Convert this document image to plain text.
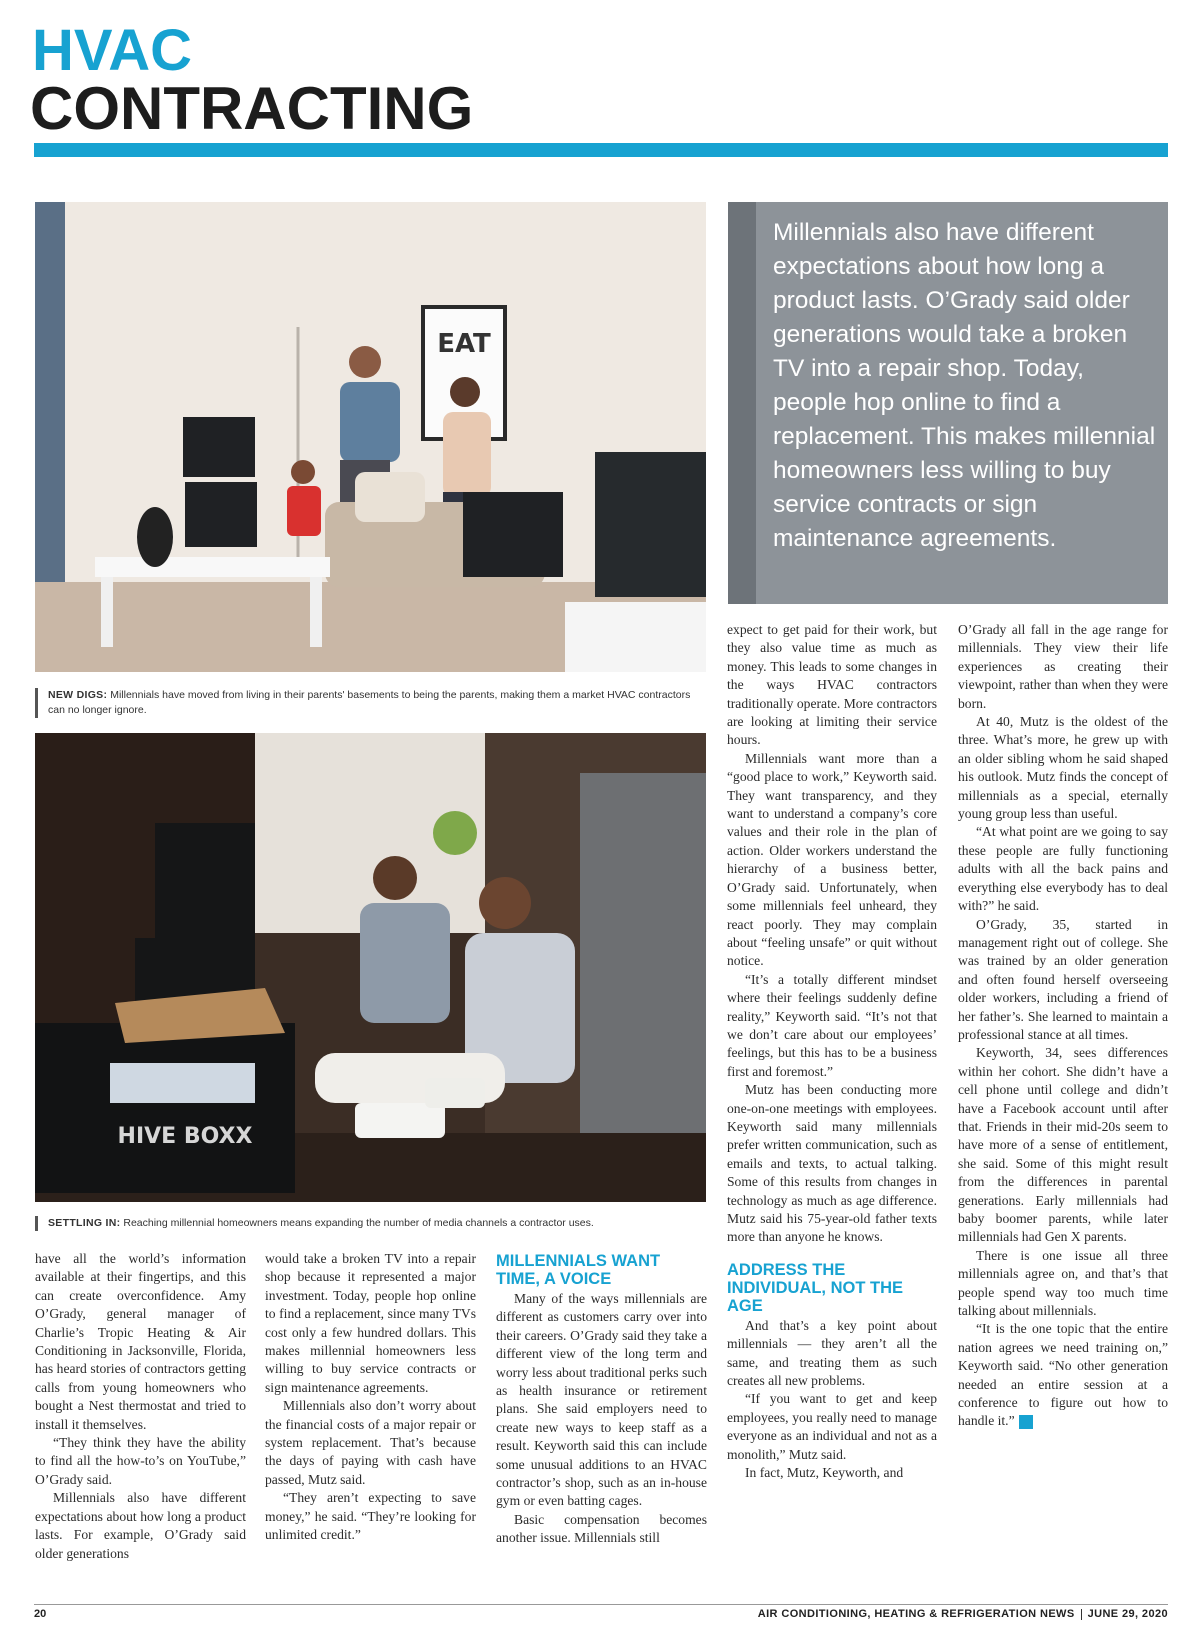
HVAC
CONTRACTING
EAT
NEW DIGS: Millennials have moved from living in their parents' basements to being the parents, making them a market HVAC contractors can no longer ignore.
HIVE BOXX
SETTLING IN: Reaching millennial homeowners means expanding the number of media channels a contractor uses.
Millennials also have different expectations about how long a product lasts. O’Grady said older generations would take a broken TV into a repair shop. Today, people hop online to find a replacement. This makes millennial homeowners less willing to buy service contracts or sign maintenance agreements.

have all the world’s information available at their fingertips, and this can create overconfidence. Amy O’Grady, general manager of Charlie’s Tropic Heating & Air Conditioning in Jacksonville, Florida, has heard stories of contractors getting calls from young homeowners who bought a Nest thermostat and tried to install it themselves.

“They think they have the ability to find all the how-to’s on YouTube,” O’Grady said.

Millennials also have different expectations about how long a product lasts. For example, O’Grady said older generations

would take a broken TV into a repair shop because it represented a major investment. Today, people hop online to find a replacement, since many TVs cost only a few hundred dollars. This makes millennial homeowners less willing to buy service contracts or sign maintenance agreements.

Millennials also don’t worry about the financial costs of a major repair or system replacement. That’s because the days of paying with cash have passed, Mutz said.

“They aren’t expecting to save money,” he said. “They’re looking for unlimited credit.”

MILLENNIALS WANT TIME, A VOICE

Many of the ways millennials are different as customers carry over into their careers. O’Grady said they take a different view of the long term and worry less about traditional perks such as health insurance or retirement plans. She said employers need to create new ways to keep staff as a result. Keyworth said this can include some unusual additions to an HVAC contractor’s shop, such as an in-house gym or even batting cages.

Basic compensation becomes another issue. Millennials still

expect to get paid for their work, but they also value time as much as money. This leads to some changes in the ways HVAC contractors traditionally operate. More contractors are looking at limiting their service hours.

Millennials want more than a “good place to work,” Keyworth said. They want transparency, and they want to understand a company’s core values and their role in the plan of action. Older workers understand the hierarchy of a business better, O’Grady said. Unfortunately, when some millennials feel unheard, they react poorly. They may complain about “feeling unsafe” or quit without notice.

“It’s a totally different mindset where their feelings suddenly define reality,” Keyworth said. “It’s not that we don’t care about our employees’ feelings, but this has to be a business first and foremost.”

Mutz has been conducting more one-on-one meetings with employees. Keyworth said many millennials prefer written communication, such as emails and texts, to actual talking. Some of this results from changes in technology as much as age difference. Mutz said his 75-year-old father texts more than anyone he knows.

ADDRESS THE INDIVIDUAL, NOT THE AGE

And that’s a key point about millennials — they aren’t all the same, and treating them as such creates all new problems.

“If you want to get and keep employees, you really need to manage everyone as an individual and not as a monolith,” Mutz said.

In fact, Mutz, Keyworth, and

O’Grady all fall in the age range for millennials. They view their life experiences as creating their viewpoint, rather than when they were born.

At 40, Mutz is the oldest of the three. What’s more, he grew up with an older sibling whom he said shaped his outlook. Mutz finds the concept of millennials as a special, eternally young group less than useful.

“At what point are we going to say these people are fully functioning adults with all the back pains and everything else everybody has to deal with?” he said.

O’Grady, 35, started in management right out of college. She was trained by an older generation and often found herself overseeing older workers, including a friend of her father’s. She learned to maintain a professional stance at all times.

Keyworth, 34, sees differences within her cohort. She didn’t have a cell phone until college and didn’t have a Facebook account until after that. Friends in their mid-20s seem to have more of a sense of entitlement, she said. Some of this might result from the differences in parental generations. Early millennials had baby boomer parents, while later millennials had Gen X parents.

There is one issue all three millennials agree on, and that’s that people spend way too much time talking about millennials.

“It is the one topic that the entire nation agrees we need training on,” Keyworth said. “No other generation needed an entire session at a conference to figure out how to handle it.” N

20	AIR CONDITIONING, HEATING & REFRIGERATION NEWS JUNE 29, 2020
